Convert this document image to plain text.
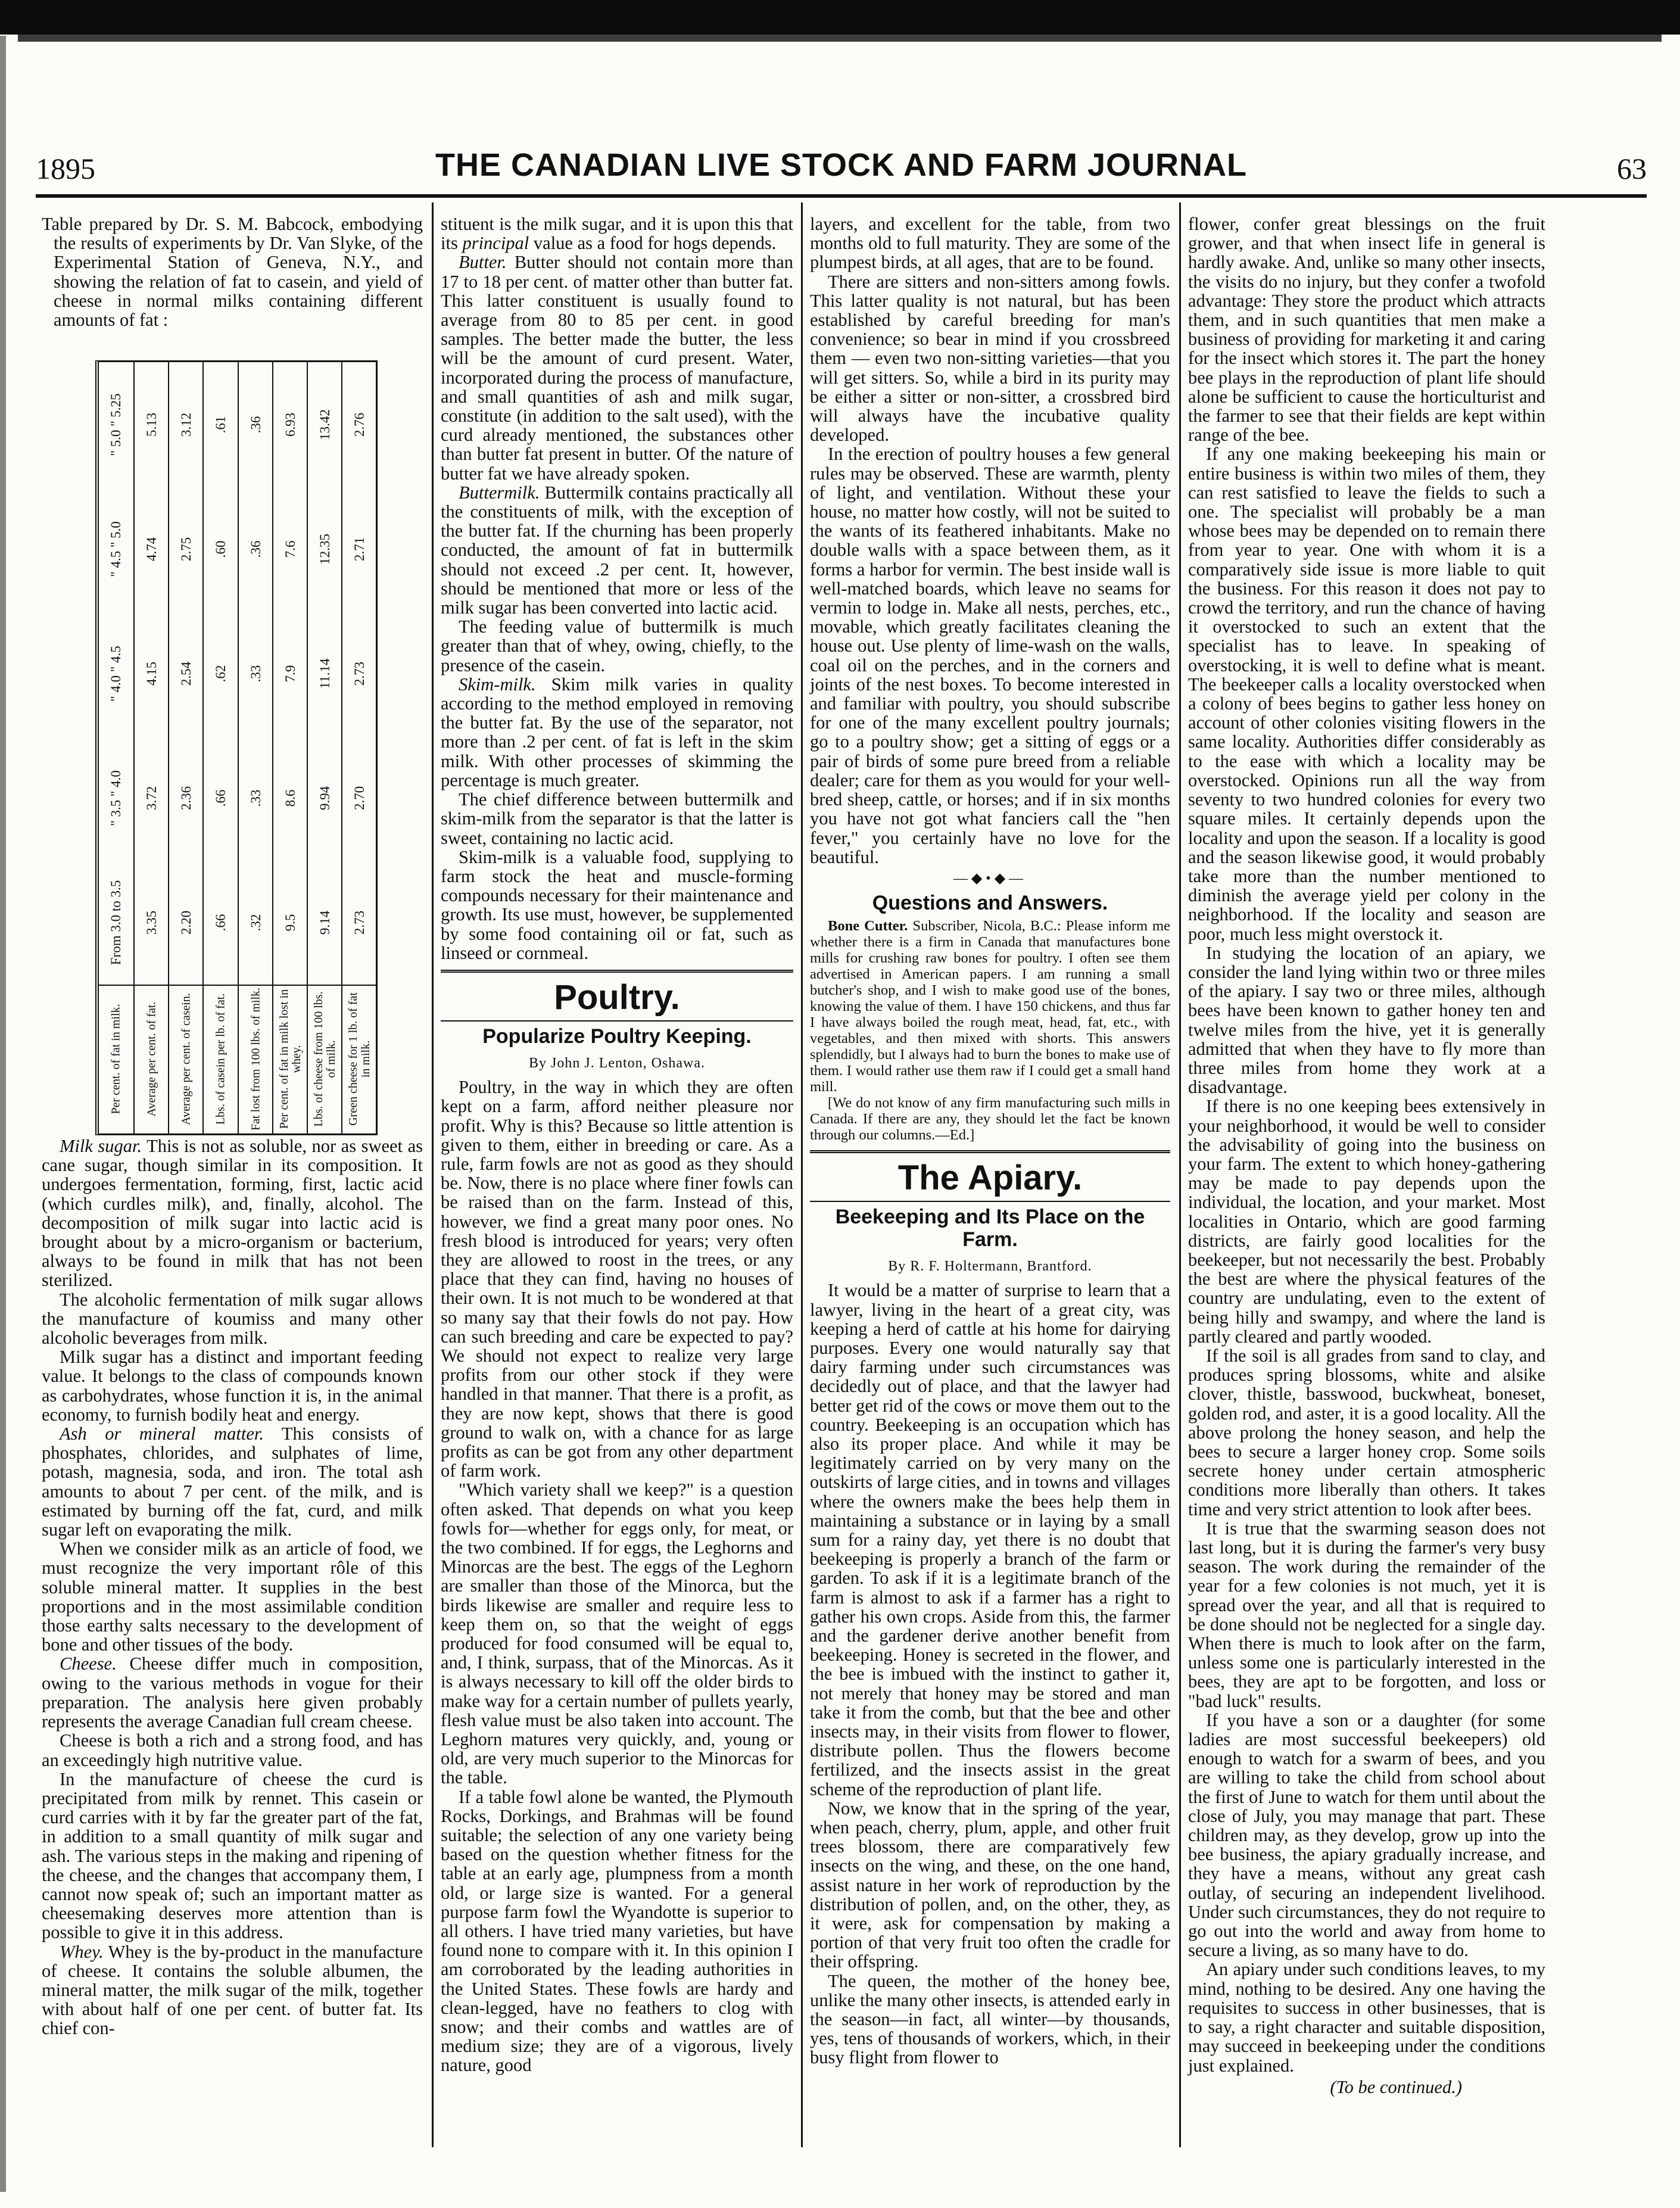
1895	THE CANADIAN LIVE STOCK AND FARM JOURNAL	63

Table prepared by Dr. S. M. Babcock, embodying the results of experiments by Dr. Van Slyke, of the Experimental Station of Geneva, N.Y., and showing the relation of fat to casein, and yield of cheese in normal milks containing different amounts of fat :

Per cent. of fat in milk.
From 3.0 to 3.5
" 3.5 " 4.0
" 4.0 " 4.5
" 4.5 " 5.0
" 5.0 " 5.25
Average per cent. of fat.
3.35
3.72
4.15
4.74
5.13
Average per cent. of casein.
2.20
2.36
2.54
2.75
3.12
Lbs. of casein per lb. of fat.
.66
.66
.62
.60
.61
Fat lost from 100 lbs. of milk.
.32
.33
.33
.36
.36
Per cent. of fat in milk lost in whey.
9.5
8.6
7.9
7.6
6.93
Lbs. of cheese from 100 lbs. of milk.
9.14
9.94
11.14
12.35
13.42
Green cheese for 1 lb. of fat in milk.
2.73
2.70
2.73
2.71
2.76

Milk sugar. This is not as soluble, nor as sweet as cane sugar, though similar in its composition. It undergoes fermentation, forming, first, lactic acid (which curdles milk), and, finally, alcohol. The decomposition of milk sugar into lactic acid is brought about by a micro-organism or bacterium, always to be found in milk that has not been sterilized.

The alcoholic fermentation of milk sugar allows the manufacture of koumiss and many other alcoholic beverages from milk.

Milk sugar has a distinct and important feeding value. It belongs to the class of compounds known as carbohydrates, whose function it is, in the animal economy, to furnish bodily heat and energy.

Ash or mineral matter. This consists of phosphates, chlorides, and sulphates of lime, potash, magnesia, soda, and iron. The total ash amounts to about 7 per cent. of the milk, and is estimated by burning off the fat, curd, and milk sugar left on evaporating the milk.

When we consider milk as an article of food, we must recognize the very important rôle of this soluble mineral matter. It supplies in the best proportions and in the most assimilable condition those earthy salts necessary to the development of bone and other tissues of the body.

Cheese. Cheese differ much in composition, owing to the various methods in vogue for their preparation. The analysis here given probably represents the average Canadian full cream cheese.

Cheese is both a rich and a strong food, and has an exceedingly high nutritive value.

In the manufacture of cheese the curd is precipitated from milk by rennet. This casein or curd carries with it by far the greater part of the fat, in addition to a small quantity of milk sugar and ash. The various steps in the making and ripening of the cheese, and the changes that accompany them, I cannot now speak of; such an important matter as cheesemaking deserves more attention than is possible to give it in this address.

Whey. Whey is the by-product in the manufacture of cheese. It contains the soluble albumen, the mineral matter, the milk sugar of the milk, together with about half of one per cent. of butter fat. Its chief con-

stituent is the milk sugar, and it is upon this that its principal value as a food for hogs depends.

Butter. Butter should not contain more than 17 to 18 per cent. of matter other than butter fat. This latter constituent is usually found to average from 80 to 85 per cent. in good samples. The better made the butter, the less will be the amount of curd present. Water, incorporated during the process of manufacture, and small quantities of ash and milk sugar, constitute (in addition to the salt used), with the curd already mentioned, the substances other than butter fat present in butter. Of the nature of butter fat we have already spoken.

Buttermilk. Buttermilk contains practically all the constituents of milk, with the exception of the butter fat. If the churning has been properly conducted, the amount of fat in buttermilk should not exceed .2 per cent. It, however, should be mentioned that more or less of the milk sugar has been converted into lactic acid.

The feeding value of buttermilk is much greater than that of whey, owing, chiefly, to the presence of the casein.

Skim-milk. Skim milk varies in quality according to the method employed in removing the butter fat. By the use of the separator, not more than .2 per cent. of fat is left in the skim milk. With other processes of skimming the percentage is much greater.

The chief difference between buttermilk and skim-milk from the separator is that the latter is sweet, containing no lactic acid.

Skim-milk is a valuable food, supplying to farm stock the heat and muscle-forming compounds necessary for their maintenance and growth. Its use must, however, be supplemented by some food containing oil or fat, such as linseed or cornmeal.

Poultry.
Popularize Poultry Keeping.
By John J. Lenton, Oshawa.

Poultry, in the way in which they are often kept on a farm, afford neither pleasure nor profit. Why is this? Because so little attention is given to them, either in breeding or care. As a rule, farm fowls are not as good as they should be. Now, there is no place where finer fowls can be raised than on the farm. Instead of this, however, we find a great many poor ones. No fresh blood is introduced for years; very often they are allowed to roost in the trees, or any place that they can find, having no houses of their own. It is not much to be wondered at that so many say that their fowls do not pay. How can such breeding and care be expected to pay? We should not expect to realize very large profits from our other stock if they were handled in that manner. That there is a profit, as they are now kept, shows that there is good ground to walk on, with a chance for as large profits as can be got from any other department of farm work.

"Which variety shall we keep?" is a question often asked. That depends on what you keep fowls for—whether for eggs only, for meat, or the two combined. If for eggs, the Leghorns and Minorcas are the best. The eggs of the Leghorn are smaller than those of the Minorca, but the birds likewise are smaller and require less to keep them on, so that the weight of eggs produced for food consumed will be equal to, and, I think, surpass, that of the Minorcas. As it is always necessary to kill off the older birds to make way for a certain number of pullets yearly, flesh value must be also taken into account. The Leghorn matures very quickly, and, young or old, are very much superior to the Minorcas for the table.

If a table fowl alone be wanted, the Plymouth Rocks, Dorkings, and Brahmas will be found suitable; the selection of any one variety being based on the question whether fitness for the table at an early age, plumpness from a month old, or large size is wanted. For a general purpose farm fowl the Wyandotte is superior to all others. I have tried many varieties, but have found none to compare with it. In this opinion I am corroborated by the leading authorities in the United States. These fowls are hardy and clean-legged, have no feathers to clog with snow; and their combs and wattles are of medium size; they are of a vigorous, lively nature, good

layers, and excellent for the table, from two months old to full maturity. They are some of the plumpest birds, at all ages, that are to be found.

There are sitters and non-sitters among fowls. This latter quality is not natural, but has been established by careful breeding for man's convenience; so bear in mind if you crossbreed them — even two non-sitting varieties—that you will get sitters. So, while a bird in its purity may be either a sitter or non-sitter, a crossbred bird will always have the incubative quality developed.

In the erection of poultry houses a few general rules may be observed. These are warmth, plenty of light, and ventilation. Without these your house, no matter how costly, will not be suited to the wants of its feathered inhabitants. Make no double walls with a space between them, as it forms a harbor for vermin. The best inside wall is well-matched boards, which leave no seams for vermin to lodge in. Make all nests, perches, etc., movable, which greatly facilitates cleaning the house out. Use plenty of lime-wash on the walls, coal oil on the perches, and in the corners and joints of the nest boxes. To become interested in and familiar with poultry, you should subscribe for one of the many excellent poultry journals; go to a poultry show; get a sitting of eggs or a pair of birds of some pure breed from a reliable dealer; care for them as you would for your well-bred sheep, cattle, or horses; and if in six months you have not got what fanciers call the "hen fever," you certainly have no love for the beautiful.

—◆•◆—
Questions and Answers.

Bone Cutter. Subscriber, Nicola, B.C.: Please inform me whether there is a firm in Canada that manufactures bone mills for crushing raw bones for poultry. I often see them advertised in American papers. I am running a small butcher's shop, and I wish to make good use of the bones, knowing the value of them. I have 150 chickens, and thus far I have always boiled the rough meat, head, fat, etc., with vegetables, and then mixed with shorts. This answers splendidly, but I always had to burn the bones to make use of them. I would rather use them raw if I could get a small hand mill.

[We do not know of any firm manufacturing such mills in Canada. If there are any, they should let the fact be known through our columns.—Ed.]

The Apiary.
Beekeeping and Its Place on the Farm.
By R. F. Holtermann, Brantford.

It would be a matter of surprise to learn that a lawyer, living in the heart of a great city, was keeping a herd of cattle at his home for dairying purposes. Every one would naturally say that dairy farming under such circumstances was decidedly out of place, and that the lawyer had better get rid of the cows or move them out to the country. Beekeeping is an occupation which has also its proper place. And while it may be legitimately carried on by very many on the outskirts of large cities, and in towns and villages where the owners make the bees help them in maintaining a substance or in laying by a small sum for a rainy day, yet there is no doubt that beekeeping is properly a branch of the farm or garden. To ask if it is a legitimate branch of the farm is almost to ask if a farmer has a right to gather his own crops. Aside from this, the farmer and the gardener derive another benefit from beekeeping. Honey is secreted in the flower, and the bee is imbued with the instinct to gather it, not merely that honey may be stored and man take it from the comb, but that the bee and other insects may, in their visits from flower to flower, distribute pollen. Thus the flowers become fertilized, and the insects assist in the great scheme of the reproduction of plant life.

Now, we know that in the spring of the year, when peach, cherry, plum, apple, and other fruit trees blossom, there are comparatively few insects on the wing, and these, on the one hand, assist nature in her work of reproduction by the distribution of pollen, and, on the other, they, as it were, ask for compensation by making a portion of that very fruit too often the cradle for their offspring.

The queen, the mother of the honey bee, unlike the many other insects, is attended early in the season—in fact, all winter—by thousands, yes, tens of thousands of workers, which, in their busy flight from flower to

flower, confer great blessings on the fruit grower, and that when insect life in general is hardly awake. And, unlike so many other insects, the visits do no injury, but they confer a twofold advantage: They store the product which attracts them, and in such quantities that men make a business of providing for marketing it and caring for the insect which stores it. The part the honey bee plays in the reproduction of plant life should alone be sufficient to cause the horticulturist and the farmer to see that their fields are kept within range of the bee.

If any one making beekeeping his main or entire business is within two miles of them, they can rest satisfied to leave the fields to such a one. The specialist will probably be a man whose bees may be depended on to remain there from year to year. One with whom it is a comparatively side issue is more liable to quit the business. For this reason it does not pay to crowd the territory, and run the chance of having it overstocked to such an extent that the specialist has to leave. In speaking of overstocking, it is well to define what is meant. The beekeeper calls a locality overstocked when a colony of bees begins to gather less honey on account of other colonies visiting flowers in the same locality. Authorities differ considerably as to the ease with which a locality may be overstocked. Opinions run all the way from seventy to two hundred colonies for every two square miles. It certainly depends upon the locality and upon the season. If a locality is good and the season likewise good, it would probably take more than the number mentioned to diminish the average yield per colony in the neighborhood. If the locality and season are poor, much less might overstock it.

In studying the location of an apiary, we consider the land lying within two or three miles of the apiary. I say two or three miles, although bees have been known to gather honey ten and twelve miles from the hive, yet it is generally admitted that when they have to fly more than three miles from home they work at a disadvantage.

If there is no one keeping bees extensively in your neighborhood, it would be well to consider the advisability of going into the business on your farm. The extent to which honey-gathering may be made to pay depends upon the individual, the location, and your market. Most localities in Ontario, which are good farming districts, are fairly good localities for the beekeeper, but not necessarily the best. Probably the best are where the physical features of the country are undulating, even to the extent of being hilly and swampy, and where the land is partly cleared and partly wooded.

If the soil is all grades from sand to clay, and produces spring blossoms, white and alsike clover, thistle, basswood, buckwheat, boneset, golden rod, and aster, it is a good locality. All the above prolong the honey season, and help the bees to secure a larger honey crop. Some soils secrete honey under certain atmospheric conditions more liberally than others. It takes time and very strict attention to look after bees.

It is true that the swarming season does not last long, but it is during the farmer's very busy season. The work during the remainder of the year for a few colonies is not much, yet it is spread over the year, and all that is required to be done should not be neglected for a single day. When there is much to look after on the farm, unless some one is particularly interested in the bees, they are apt to be forgotten, and loss or "bad luck" results.

If you have a son or a daughter (for some ladies are most successful beekeepers) old enough to watch for a swarm of bees, and you are willing to take the child from school about the first of June to watch for them until about the close of July, you may manage that part. These children may, as they develop, grow up into the bee business, the apiary gradually increase, and they have a means, without any great cash outlay, of securing an independent livelihood. Under such circumstances, they do not require to go out into the world and away from home to secure a living, as so many have to do.

An apiary under such conditions leaves, to my mind, nothing to be desired. Any one having the requisites to success in other businesses, that is to say, a right character and suitable disposition, may succeed in beekeeping under the conditions just explained.

(To be continued.)
